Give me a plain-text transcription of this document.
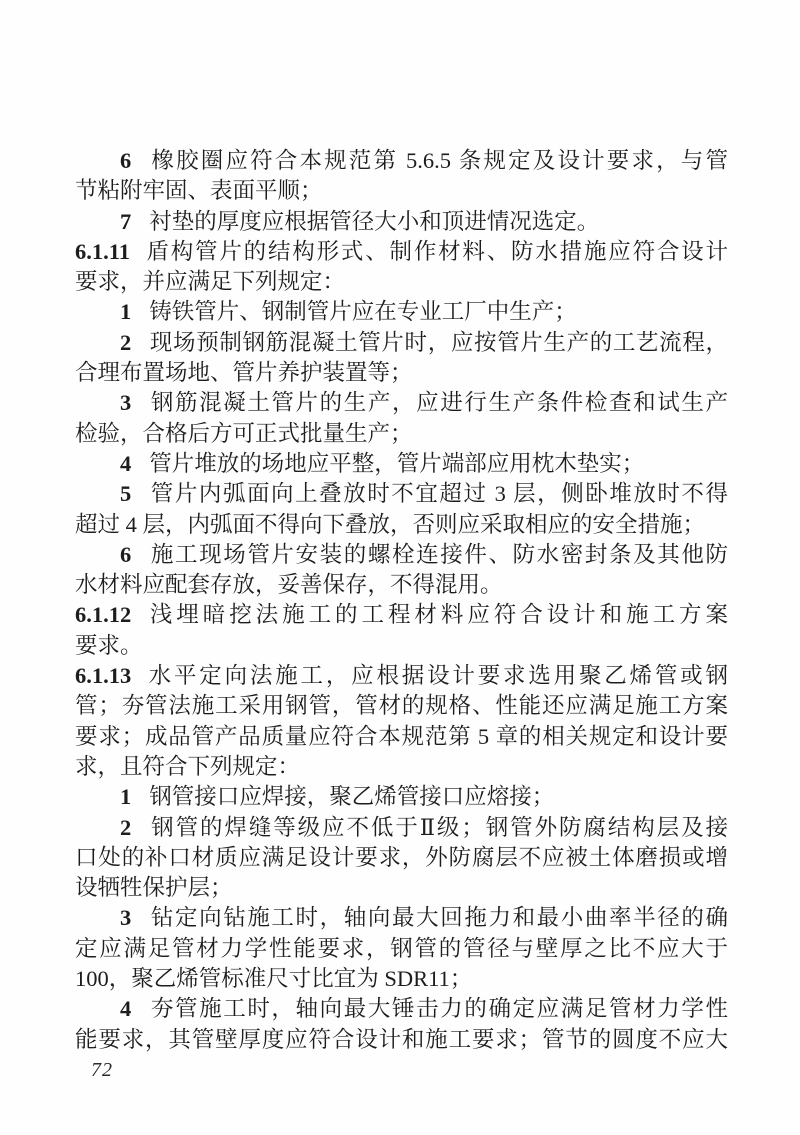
6 橡胶圈应符合本规范第 5.6.5 条规定及设计要求，与管
节粘附牢固、表面平顺；

7 衬垫的厚度应根据管径大小和顶进情况选定。

6.1.11 盾构管片的结构形式、制作材料、防水措施应符合设计
要求，并应满足下列规定：

1 铸铁管片、钢制管片应在专业工厂中生产；

2 现场预制钢筋混凝土管片时，应按管片生产的工艺流程，
合理布置场地、管片养护装置等；

3 钢筋混凝土管片的生产，应进行生产条件检查和试生产
检验，合格后方可正式批量生产；

4 管片堆放的场地应平整，管片端部应用枕木垫实；

5 管片内弧面向上叠放时不宜超过 3 层，侧卧堆放时不得
超过 4 层，内弧面不得向下叠放，否则应采取相应的安全措施；

6 施工现场管片安装的螺栓连接件、防水密封条及其他防
水材料应配套存放，妥善保存，不得混用。

6.1.12 浅埋暗挖法施工的工程材料应符合设计和施工方案
要求。

6.1.13 水平定向法施工，应根据设计要求选用聚乙烯管或钢
管；夯管法施工采用钢管，管材的规格、性能还应满足施工方案
要求；成品管产品质量应符合本规范第 5 章的相关规定和设计要
求，且符合下列规定：

1 钢管接口应焊接，聚乙烯管接口应熔接；

2 钢管的焊缝等级应不低于Ⅱ级；钢管外防腐结构层及接
口处的补口材质应满足设计要求，外防腐层不应被土体磨损或增
设牺牲保护层；

3 钻定向钻施工时，轴向最大回拖力和最小曲率半径的确
定应满足管材力学性能要求，钢管的管径与壁厚之比不应大于
100，聚乙烯管标准尺寸比宜为 SDR11；

4 夯管施工时，轴向最大锤击力的确定应满足管材力学性
能要求，其管壁厚度应符合设计和施工要求；管节的圆度不应大

72
